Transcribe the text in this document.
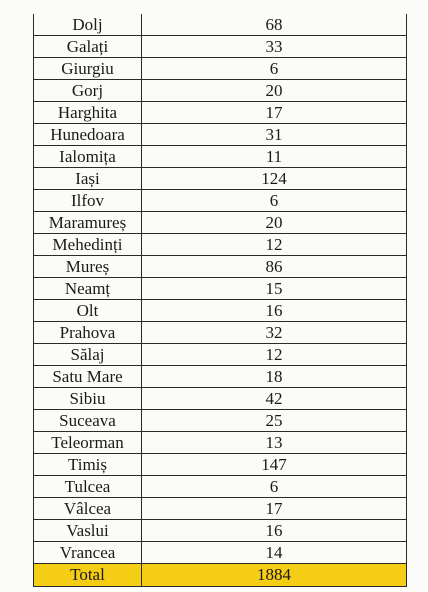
Dolj	68
Galați	33
Giurgiu	6
Gorj	20
Harghita	17
Hunedoara	31
Ialomița	11
Iași	124
Ilfov	6
Maramureș	20
Mehedinți	12
Mureș	86
Neamț	15
Olt	16
Prahova	32
Sălaj	12
Satu Mare	18
Sibiu	42
Suceava	25
Teleorman	13
Timiș	147
Tulcea	6
Vâlcea	17
Vaslui	16
Vrancea	14
Total	1884
